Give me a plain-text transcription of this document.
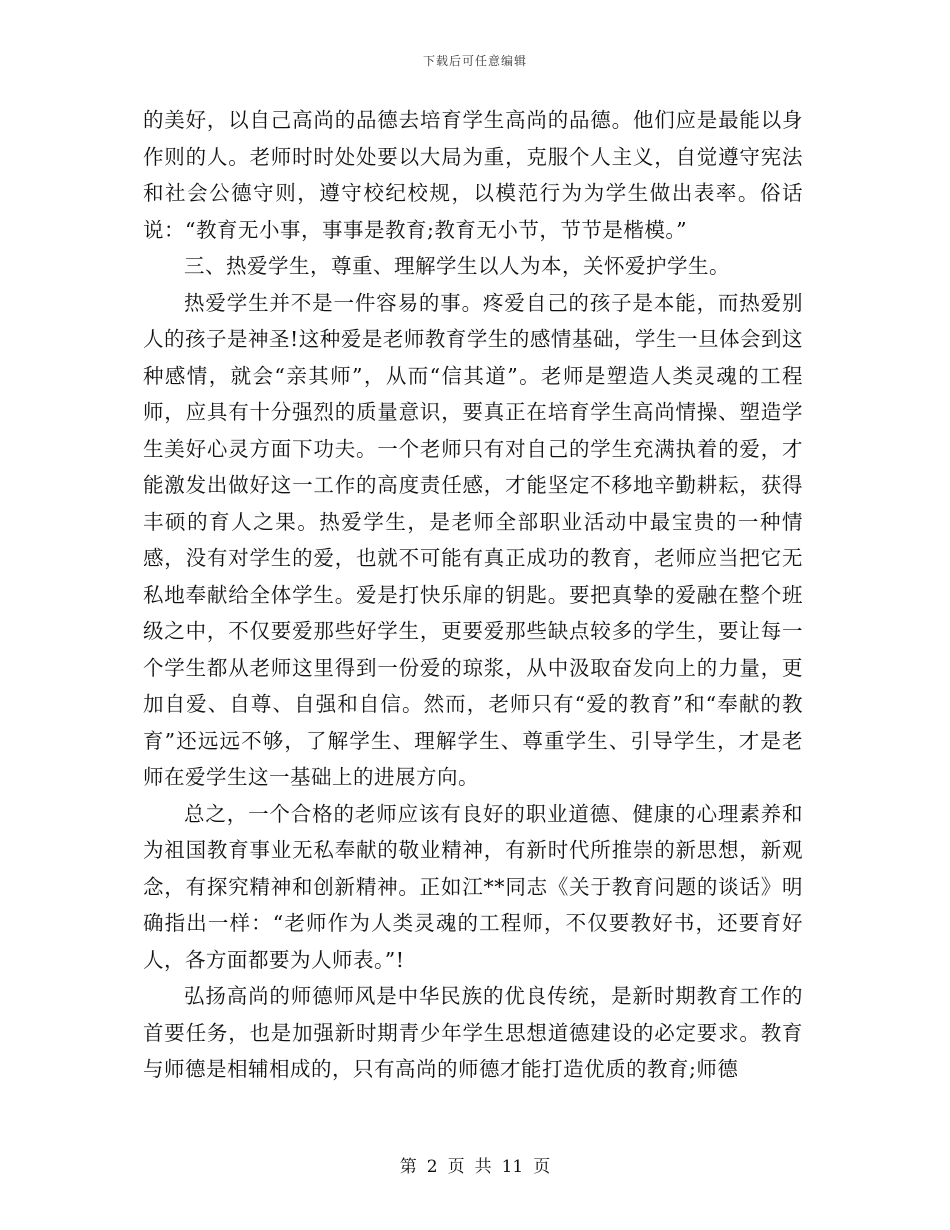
下载后可任意编辑

的美好，以自己高尚的品德去培育学生高尚的品德。他们应是最能以身作则的人。老师时时处处要以大局为重，克服个人主义，自觉遵守宪法和社会公德守则，遵守校纪校规，以模范行为为学生做出表率。俗话说：“教育无小事，事事是教育;教育无小节，节节是楷模。”

三、热爱学生，尊重、理解学生以人为本，关怀爱护学生。

热爱学生并不是一件容易的事。疼爱自己的孩子是本能，而热爱别人的孩子是神圣!这种爱是老师教育学生的感情基础，学生一旦体会到这种感情，就会“亲其师”，从而“信其道”。老师是塑造人类灵魂的工程师，应具有十分强烈的质量意识，要真正在培育学生高尚情操、塑造学生美好心灵方面下功夫。一个老师只有对自己的学生充满执着的爱，才能激发出做好这一工作的高度责任感，才能坚定不移地辛勤耕耘，获得丰硕的育人之果。热爱学生，是老师全部职业活动中最宝贵的一种情感，没有对学生的爱，也就不可能有真正成功的教育，老师应当把它无私地奉献给全体学生。爱是打快乐扉的钥匙。要把真挚的爱融在整个班级之中，不仅要爱那些好学生，更要爱那些缺点较多的学生，要让每一个学生都从老师这里得到一份爱的琼浆，从中汲取奋发向上的力量，更加自爱、自尊、自强和自信。然而，老师只有“爱的教育”和“奉献的教育”还远远不够，了解学生、理解学生、尊重学生、引导学生，才是老师在爱学生这一基础上的进展方向。

总之，一个合格的老师应该有良好的职业道德、健康的心理素养和为祖国教育事业无私奉献的敬业精神，有新时代所推崇的新思想，新观念，有探究精神和创新精神。正如江**同志《关于教育问题的谈话》明确指出一样：“老师作为人类灵魂的工程师，不仅要教好书，还要育好人，各方面都要为人师表。”!

弘扬高尚的师德师风是中华民族的优良传统，是新时期教育工作的首要任务，也是加强新时期青少年学生思想道德建设的必定要求。教育与师德是相辅相成的，只有高尚的师德才能打造优质的教育;师德

第 2 页 共 11 页
